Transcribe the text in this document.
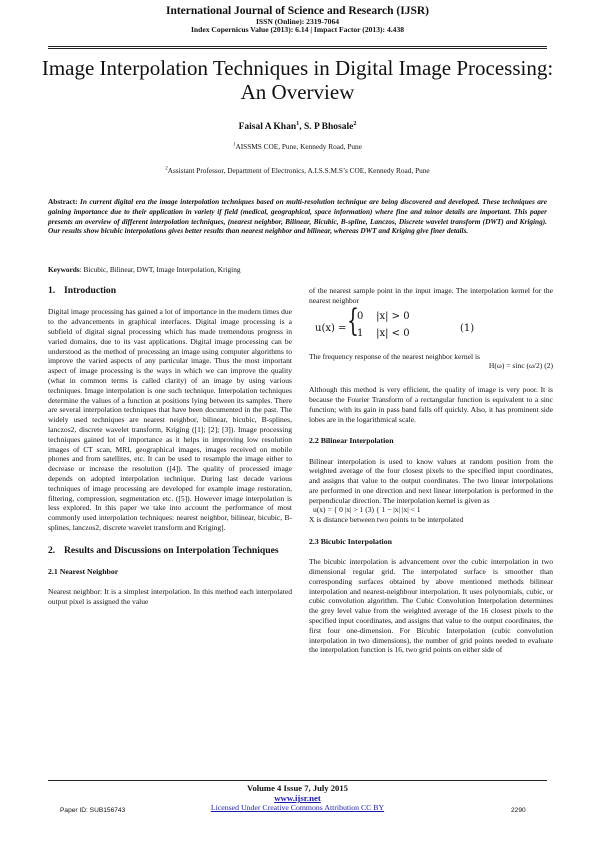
International Journal of Science and Research (IJSR)
ISSN (Online): 2319-7064
Index Copernicus Value (2013): 6.14 | Impact Factor (2013): 4.438
Image Interpolation Techniques in Digital Image Processing: An Overview
Faisal A Khan$^1$, S. P Bhosale$^2$
$^1$AISSMS COE, Pune, Kennedy Road, Pune
$^2$Assistant Professor, Department of Electronics, A.I.S.S.M.S’s COE, Kennedy Road, Pune
Abstract: In current digital era the image interpolation techniques based on multi-resolution technique are being discovered and developed. These techniques are gaining importance due to their application in variety if field (medical, geographical, space information) where fine and minor details are important. This paper presents an overview of different interpolation techniques, (nearest neighbor, Bilinear, Bicubic, B-spline, Lanczos, Discrete wavelet transform (DWT) and Kriging). Our results show bicubic interpolations gives better results than nearest neighbor and bilinear, whereas DWT and Kriging give finer details.
Keywords: Bicubic, Bilinear, DWT, Image Interpolation, Kriging
1. Introduction

Digital image processing has gained a lot of importance in the modern times due to the advancements in graphical interfaces. Digital image processing is a subfield of digital signal processing which has made tremendous progress in varied domains, due to its vast applications. Digital image processing can be understood as the method of processing an image using computer algorithms to improve the varied aspects of any particular image. Thus the most important aspect of image processing is the ways in which we can improve the quality (what in common terms is called clarity) of an image by using various techniques. Image interpolation is one such technique. Interpolation techniques determine the values of a function at positions lying between its samples. There are several interpolation techniques that have been documented in the past. The widely used techniques are nearest neighbor, bilinear, bicubic, B-splines, lanczos2, discrete wavelet transform, Kriging ([1]; [2]; [3]). Image processing techniques gained lot of importance as it helps in improving low resolution images of CT scan, MRI, geographical images, images received on mobile phones and from satellites, etc. It can be used to resample the image either to decrease or increase the resolution ([4]). The quality of processed image depends on adopted interpolation technique. During last decade various techniques of image processing are developed for example image restoration, filtering, compression, segmentation etc. ([5]). However image interpolation is less explored. In this paper we take into account the performance of most commonly used interpolation techniques: nearest neighbor, bilinear, bicubic, B-splines, lanczos2, discrete wavelet transform and Kriging].

2. Results and Discussions on Interpolation Techniques
2.1 Nearest Neighbor

Nearest neighbor: It is a simplest interpolation. In this method each interpolated output pixel is assigned the value

of the nearest sample point in the input image. The interpolation kernel for the nearest neighbor

u(x) = {
0 |x| > 0
1 |x| < 0	(1)

The frequency response of the nearest neighbor kernel is

H(ω) = sinc (ω/2) (2)

Although this method is very efficient, the quality of image is very poor. It is because the Fourier Transform of a rectangular function is equivalent to a sinc function; with its gain in pass band falls off quickly. Also, it has prominent side lobes are in the logarithmical scale.

2.2 Bilinear Interpolation

Bilinear interpolation is used to know values at random position from the weighted average of the four closest pixels to the specified input coordinates, and assigns that value to the output coordinates. The two linear interpolations are performed in one direction and next linear interpolation is performed in the perpendicular direction. The interpolation kernel is given as

u(x) = { 0 |x| > 1 (3) { 1 − |x| |x| < 1

X is distance between two points to be interpolated

2.3 Bicubic Interpolation

The bicubic interpolation is advancement over the cubic interpolation in two dimensional regular grid. The interpolated surface is smoother than corresponding surfaces obtained by above mentioned methods bilinear interpolation and nearest-neighbour interpolation. It uses polynomials, cubic, or cubic convolution algorithm. The Cubic Convolution Interpolation determines the grey level value from the weighted average of the 16 closest pixels to the specified input coordinates, and assigns that value to the output coordinates, the first four one-dimension. For Bicubic Interpolation (cubic convolution interpolation in two dimensions), the number of grid points needed to evaluate the interpolation function is 16, two grid points on either side of

Volume 4 Issue 7, July 2015
www.ijsr.net
Licensed Under Creative Commons Attribution CC BY
Paper ID: SUB156743	2290
